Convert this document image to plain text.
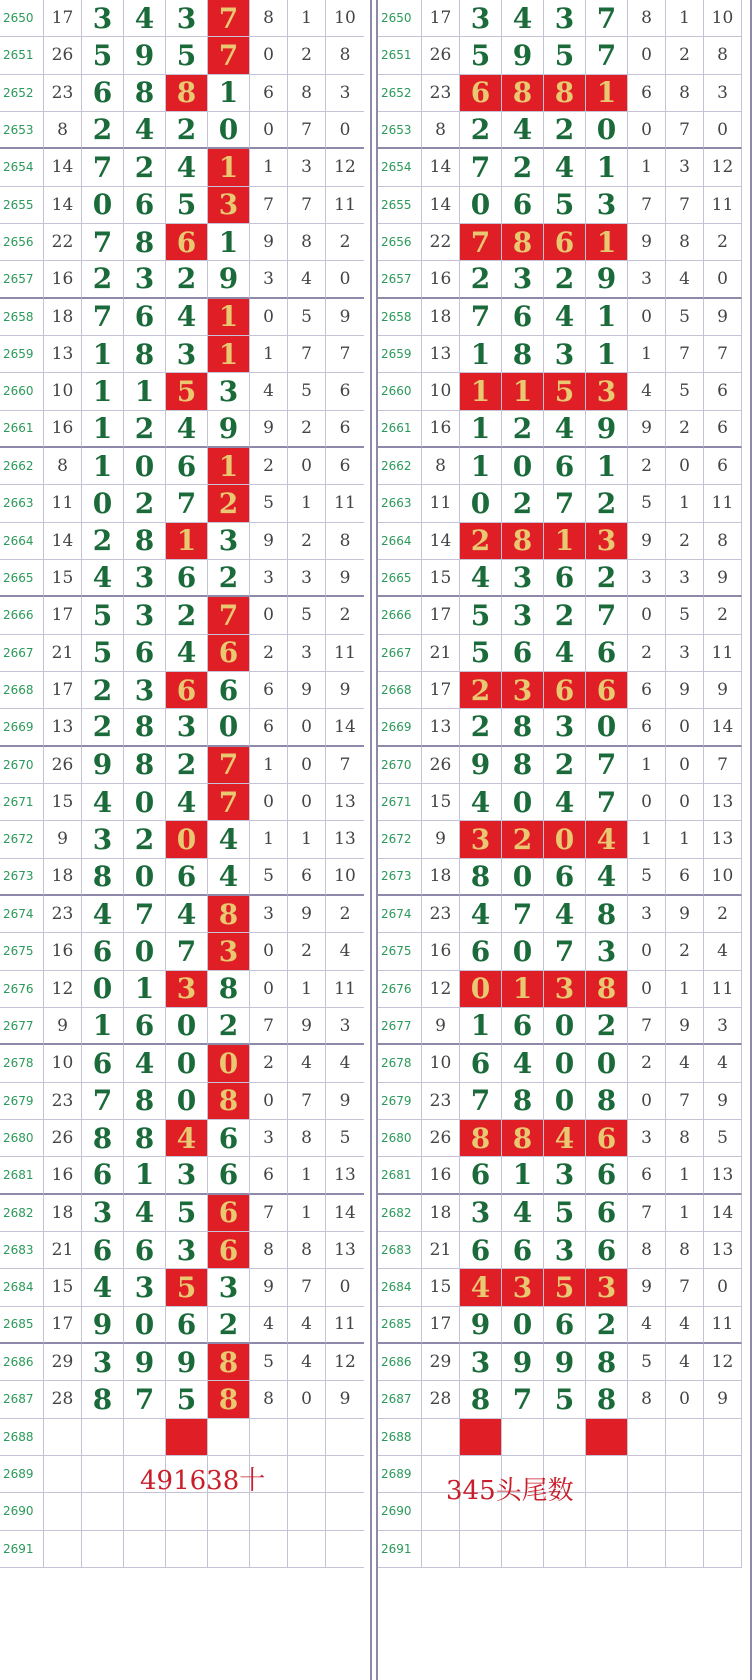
2650	17 3 4 3 7	8	1	10
2651	26 5 9 5 7	0	2	8
2652	23 6 8 8 1	6	8	3
2653	8 2 4 2 0	0	7	0
2654	14 7 2 4 1	1	3	12
2655	14 0 6 5 3	7	7	11
2656	22 7 8 6 1	9	8	2
2657	16 2 3 2 9	3	4	0
2658	18 7 6 4 1	0	5	9
2659	13 1 8 3 1	1	7	7
2660	10 1 1 5 3	4	5	6
2661	16 1 2 4 9	9	2	6
2662	8 1 0 6 1	2	0	6
2663	11 0 2 7 2	5	1	11
2664	14 2 8 1 3	9	2	8
2665	15 4 3 6 2	3	3	9
2666	17 5 3 2 7	0	5	2
2667	21 5 6 4 6	2	3	11
2668	17 2 3 6 6	6	9	9
2669	13 2 8 3 0	6	0	14
2670	26 9 8 2 7	1	0	7
2671	15 4 0 4 7	0	0	13
2672	9 3 2 0 4	1	1	13
2673	18 8 0 6 4	5	6	10
2674	23 4 7 4 8	3	9	2
2675	16 6 0 7 3	0	2	4
2676	12 0 1 3 8	0	1	11
2677	9 1 6 0 2	7	9	3
2678	10 6 4 0 0	2	4	4
2679	23 7 8 0 8	0	7	9
2680	26 8 8 4 6	3	8	5
2681	16 6 1 3 6	6	1	13
2682	18 3 4 5 6	7	1	14
2683	21 6 6 3 6	8	8	13
2684	15 4 3 5 3	9	7	0
2685	17 9 0 6 2	4	4	11
2686	29 3 9 9 8	5	4	12
2687	28 8 7 5 8	8	0	9
2688
2689
2690
2691
2650	17 3 4 3 7	8	1	10
2651	26 5 9 5 7	0	2	8
2652	23 6 8 8 1	6	8	3
2653	8 2 4 2 0	0	7	0
2654	14 7 2 4 1	1	3	12
2655	14 0 6 5 3	7	7	11
2656	22 7 8 6 1	9	8	2
2657	16 2 3 2 9	3	4	0
2658	18 7 6 4 1	0	5	9
2659	13 1 8 3 1	1	7	7
2660	10 1 1 5 3	4	5	6
2661	16 1 2 4 9	9	2	6
2662	8 1 0 6 1	2	0	6
2663	11 0 2 7 2	5	1	11
2664	14 2 8 1 3	9	2	8
2665	15 4 3 6 2	3	3	9
2666	17 5 3 2 7	0	5	2
2667	21 5 6 4 6	2	3	11
2668	17 2 3 6 6	6	9	9
2669	13 2 8 3 0	6	0	14
2670	26 9 8 2 7	1	0	7
2671	15 4 0 4 7	0	0	13
2672	9 3 2 0 4	1	1	13
2673	18 8 0 6 4	5	6	10
2674	23 4 7 4 8	3	9	2
2675	16 6 0 7 3	0	2	4
2676	12 0 1 3 8	0	1	11
2677	9 1 6 0 2	7	9	3
2678	10 6 4 0 0	2	4	4
2679	23 7 8 0 8	0	7	9
2680	26 8 8 4 6	3	8	5
2681	16 6 1 3 6	6	1	13
2682	18 3 4 5 6	7	1	14
2683	21 6 6 3 6	8	8	13
2684	15 4 3 5 3	9	7	0
2685	17 9 0 6 2	4	4	11
2686	29 3 9 9 8	5	4	12
2687	28 8 7 5 8	8	0	9
2688
2689
2690
2691
491638十	345头尾数
